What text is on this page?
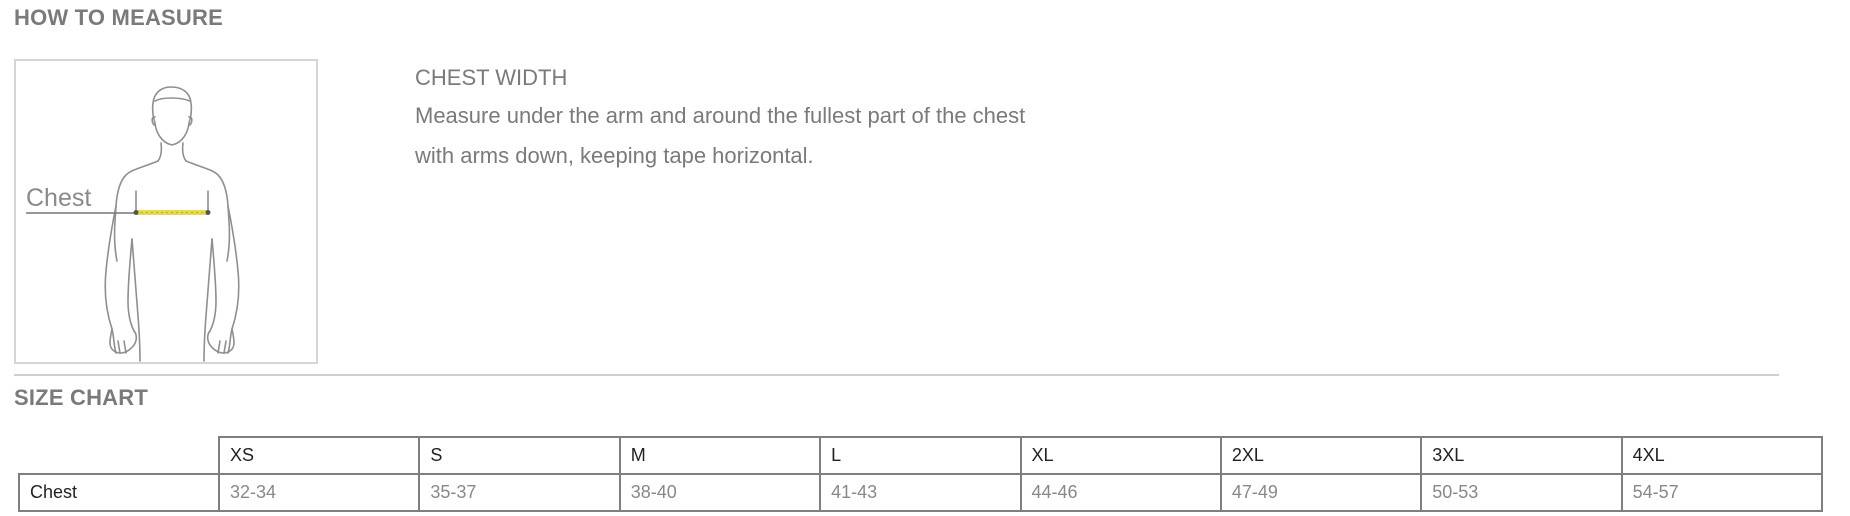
HOW TO MEASURE
Chest

CHEST WIDTH

Measure under the arm and around the fullest part of the chest with arms down, keeping tape horizontal.

SIZE CHART
	XS	S	M	L	XL	2XL	3XL	4XL
Chest	32-34	35-37	38-40	41-43	44-46	47-49	50-53	54-57
